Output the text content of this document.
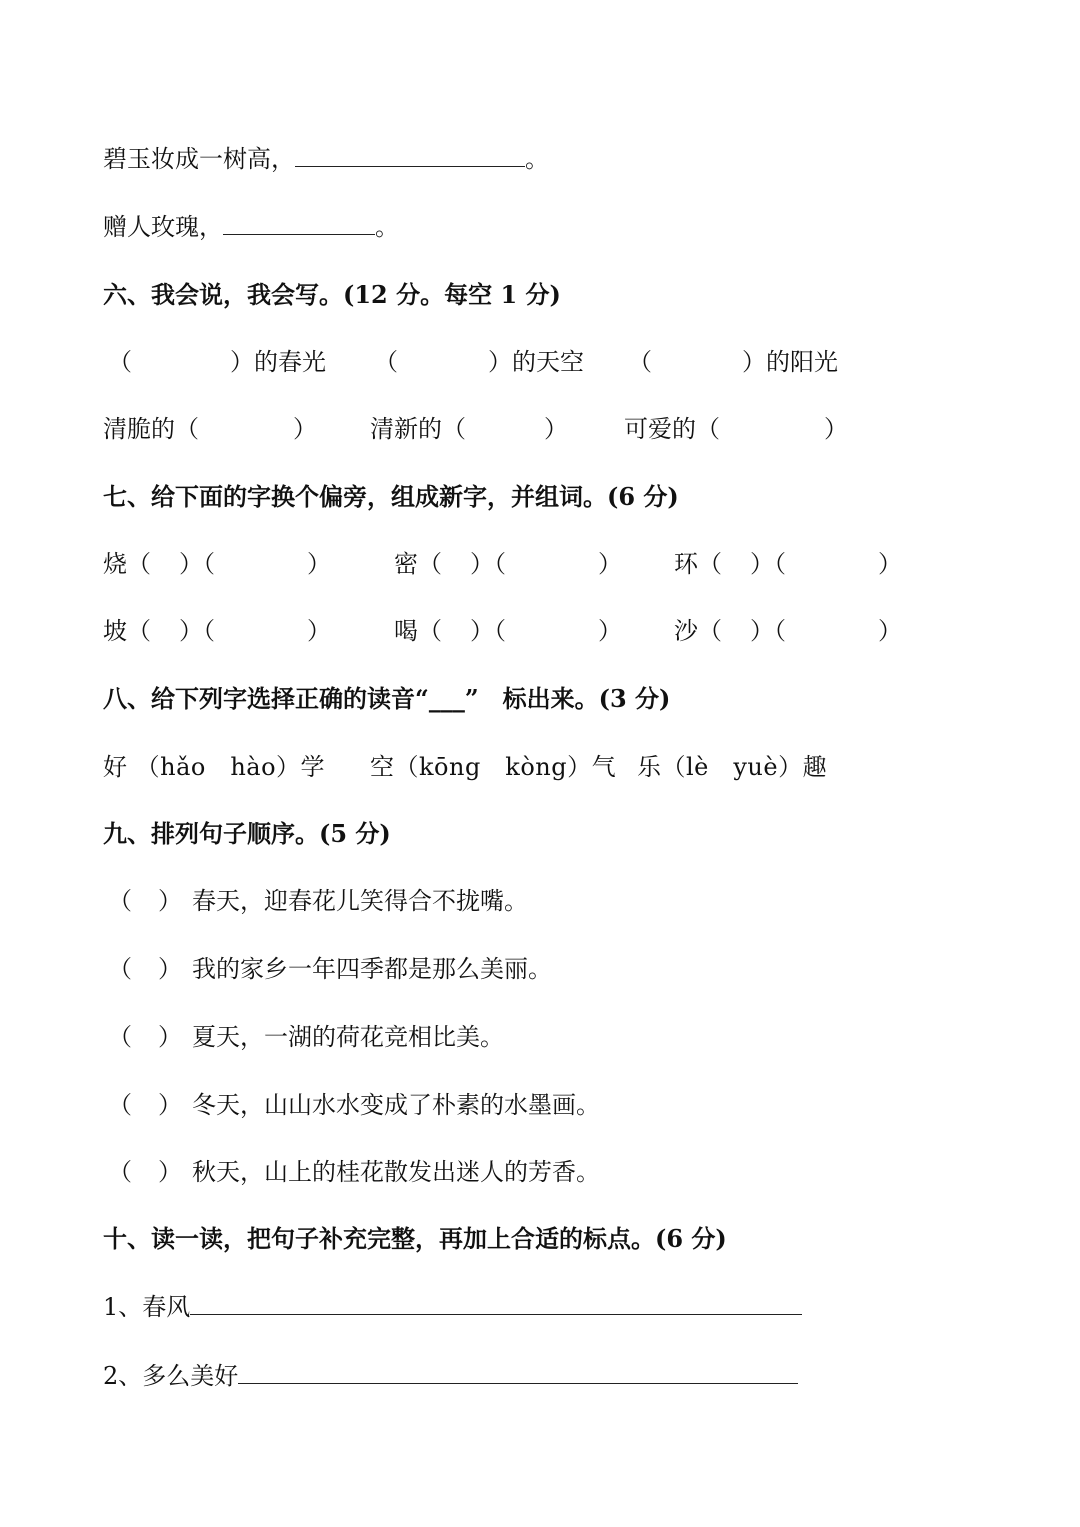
碧玉妆成一树高，	。
赠人玫瑰，	。
六、我会说，我会写。(12 分。每空 1 分)
（	）的春光 （	）的天空 （	）的阳光
清脆的（	） 清新的（	） 可爱的（	）
七、给下面的字换个偏旁，组成新字，并组词。(6 分)
烧（ ）（	）	密（ ）（	） 环（ ）（	）
坡（ ）（	）	喝（ ）（	） 沙（ ）（	）
八、给下列字选择正确的读音“___”　标出来。(3 分)
好 （hǎo　hào）学 空（kōng　kòng）气 乐（lè　yuè）趣
九、排列句子顺序。(5 分)
（ ） 春天，迎春花儿笑得合不拢嘴。
（ ） 我的家乡一年四季都是那么美丽。
（ ） 夏天，一湖的荷花竞相比美。
（ ） 冬天，山山水水变成了朴素的水墨画。
（ ） 秋天，山上的桂花散发出迷人的芳香。
十、读一读，把句子补充完整，再加上合适的标点。(6 分)
1、春风
2、多么美好
